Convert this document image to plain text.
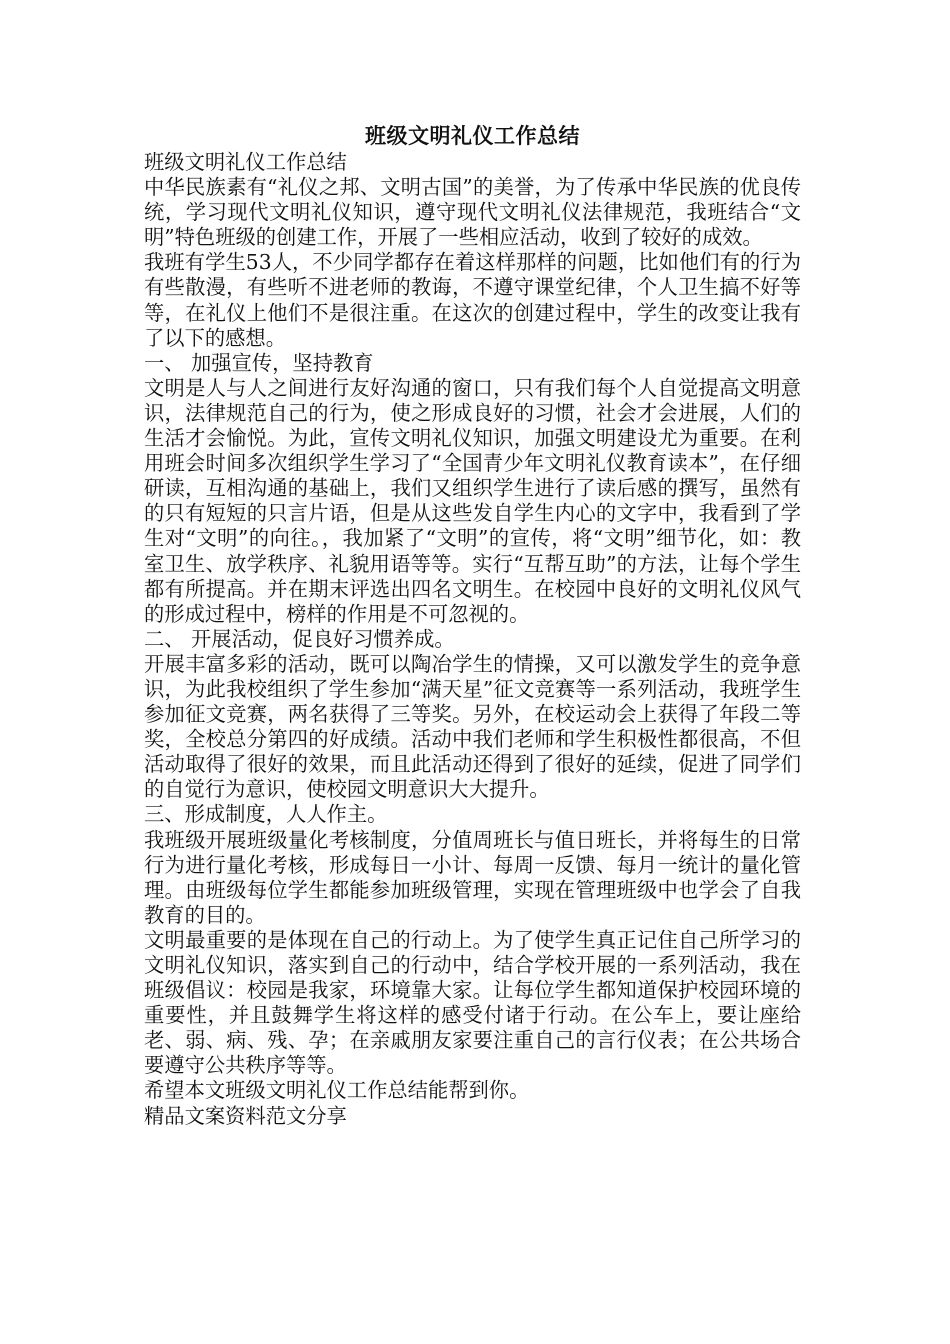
班级文明礼仪工作总结

班级文明礼仪工作总结

中华民族素有“礼仪之邦、文明古国”的美誉，为了传承中华民族的优良传统，学习现代文明礼仪知识，遵守现代文明礼仪法律规范，我班结合“文明”特色班级的创建工作，开展了一些相应活动，收到了较好的成效。

我班有学生53人，不少同学都存在着这样那样的问题，比如他们有的行为有些散漫，有些听不进老师的教诲，不遵守课堂纪律，个人卫生搞不好等等，在礼仪上他们不是很注重。在这次的创建过程中，学生的改变让我有了以下的感想。

一、 加强宣传，坚持教育

文明是人与人之间进行友好沟通的窗口，只有我们每个人自觉提高文明意识，法律规范自己的行为，使之形成良好的习惯，社会才会进展，人们的生活才会愉悦。为此，宣传文明礼仪知识，加强文明建设尤为重要。在利用班会时间多次组织学生学习了“全国青少年文明礼仪教育读本”，在仔细研读，互相沟通的基础上，我们又组织学生进行了读后感的撰写，虽然有的只有短短的只言片语，但是从这些发自学生内心的文字中，我看到了学生对“文明”的向往。，我加紧了“文明”的宣传，将“文明”细节化，如：教室卫生、放学秩序、礼貌用语等等。实行“互帮互助”的方法，让每个学生都有所提高。并在期末评选出四名文明生。在校园中良好的文明礼仪风气的形成过程中，榜样的作用是不可忽视的。

二、 开展活动，促良好习惯养成。

开展丰富多彩的活动，既可以陶冶学生的情操，又可以激发学生的竞争意识，为此我校组织了学生参加“满天星”征文竞赛等一系列活动，我班学生参加征文竞赛，两名获得了三等奖。另外，在校运动会上获得了年段二等奖，全校总分第四的好成绩。活动中我们老师和学生积极性都很高，不但活动取得了很好的效果，而且此活动还得到了很好的延续，促进了同学们的自觉行为意识，使校园文明意识大大提升。

三、形成制度，人人作主。

我班级开展班级量化考核制度，分值周班长与值日班长，并将每生的日常行为进行量化考核，形成每日一小计、每周一反馈、每月一统计的量化管理。由班级每位学生都能参加班级管理，实现在管理班级中也学会了自我教育的目的。

文明最重要的是体现在自己的行动上。为了使学生真正记住自己所学习的文明礼仪知识，落实到自己的行动中，结合学校开展的一系列活动，我在班级倡议：校园是我家，环境靠大家。让每位学生都知道保护校园环境的重要性，并且鼓舞学生将这样的感受付诸于行动。在公车上，要让座给老、弱、病、残、孕；在亲戚朋友家要注重自己的言行仪表；在公共场合要遵守公共秩序等等。

希望本文班级文明礼仪工作总结能帮到你。

精品文案资料范文分享
